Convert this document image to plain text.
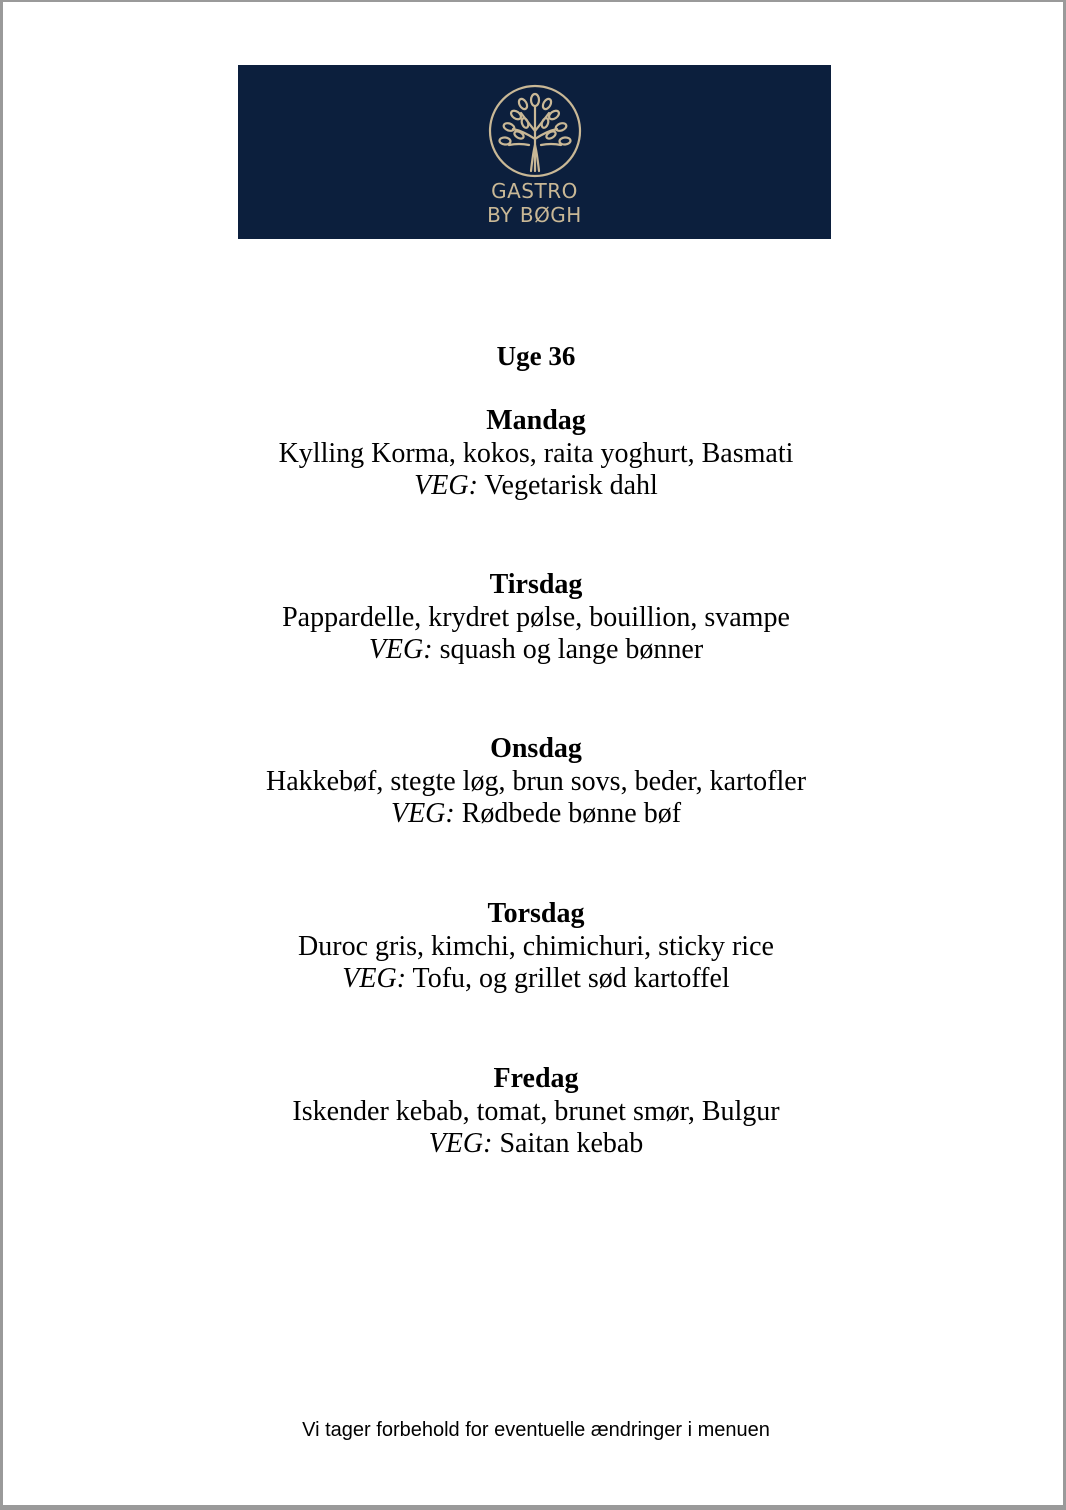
GASTRO
BY BØGH
Uge 36
Mandag
Kylling Korma, kokos, raita yoghurt, Basmati
VEG: Vegetarisk dahl
Tirsdag
Pappardelle, krydret pølse, bouillion, svampe
VEG: squash og lange bønner
Onsdag
Hakkebøf, stegte løg, brun sovs, beder, kartofler
VEG: Rødbede bønne bøf
Torsdag
Duroc gris, kimchi, chimichuri, sticky rice
VEG: Tofu, og grillet sød kartoffel
Fredag
Iskender kebab, tomat, brunet smør, Bulgur
VEG: Saitan kebab
Vi tager forbehold for eventuelle ændringer i menuen
